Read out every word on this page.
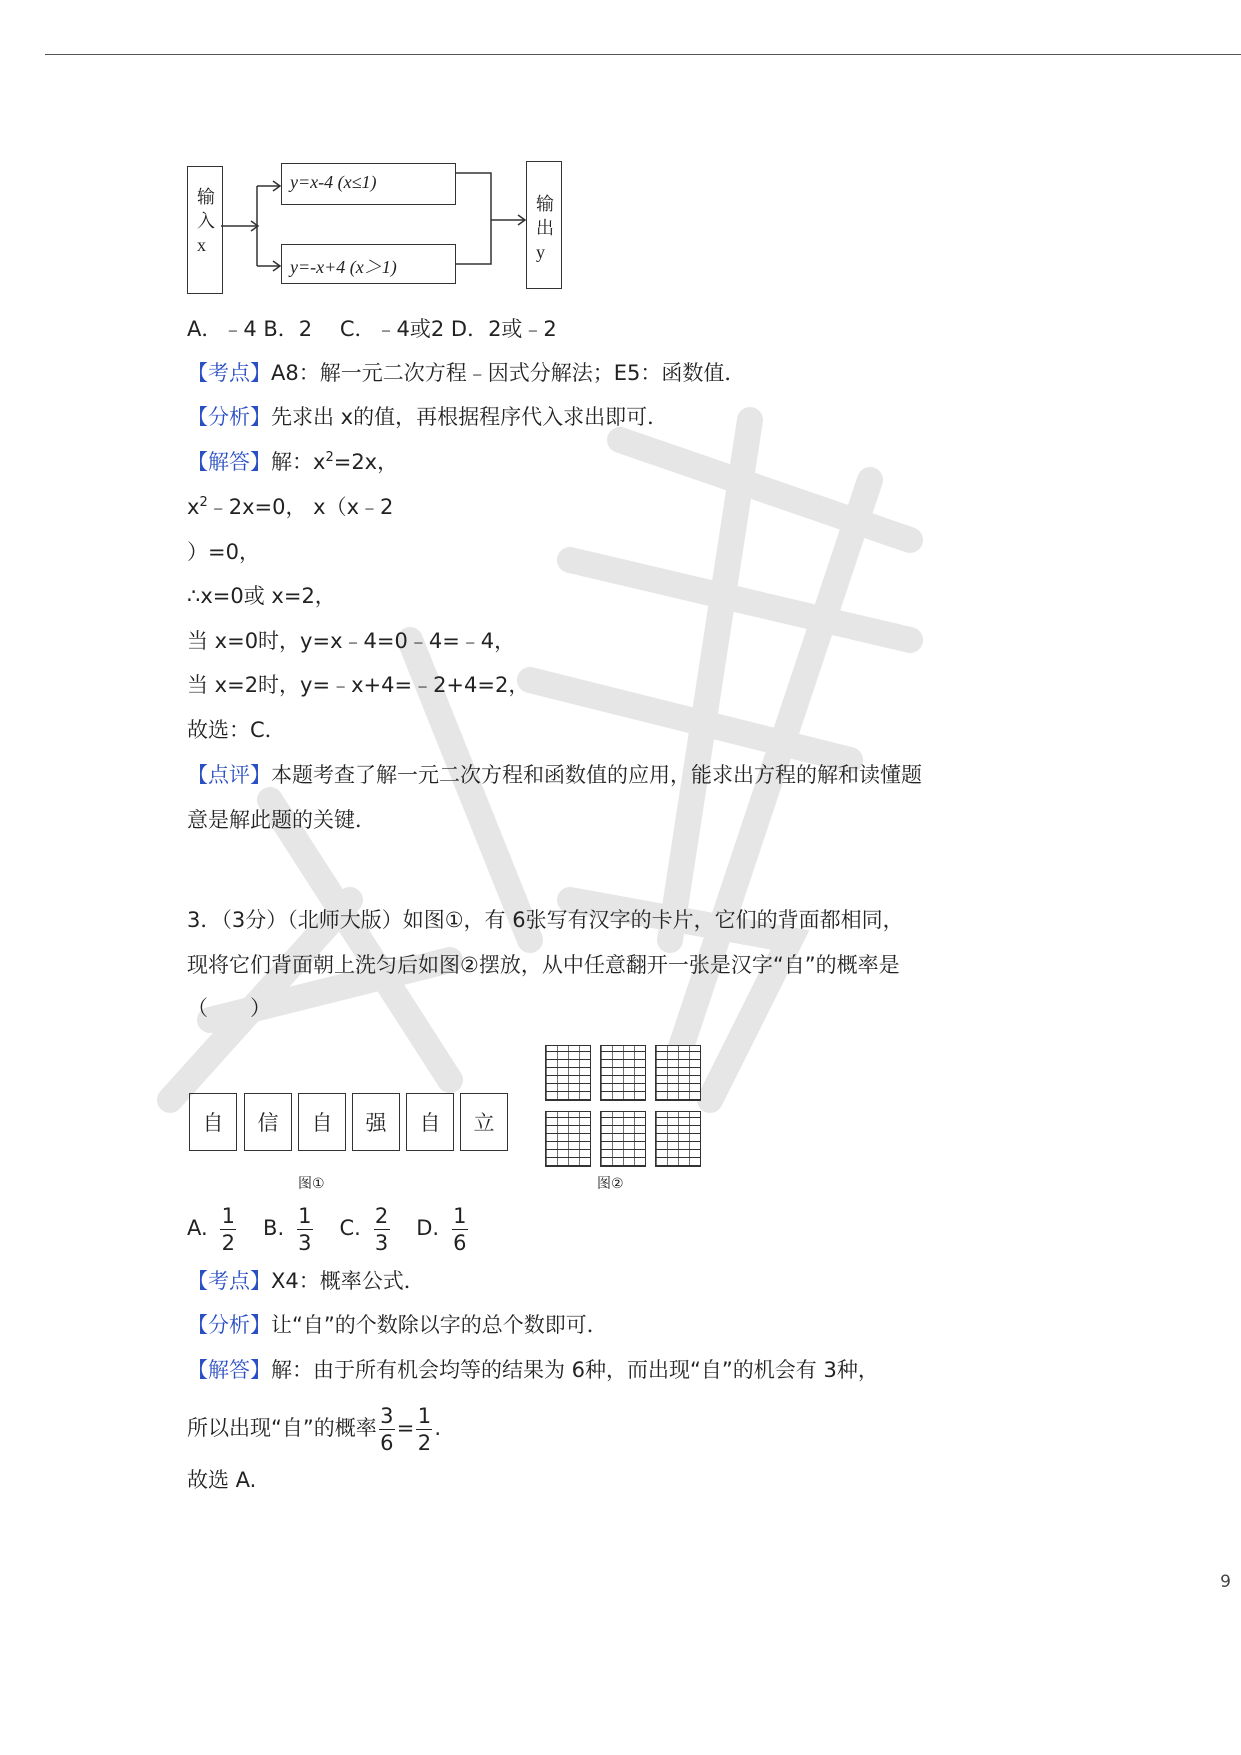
输
入
x
y=x-4 (x≤1)
y=-x+4 (x＞1)
输
出
y
A．﹣4 B．2　 C．﹣4或2 D．2或﹣2
【考点】A8：解一元二次方程﹣因式分解法；E5：函数值．
【分析】先求出 x的值，再根据程序代入求出即可．
【解答】解：$x^2=2x$，
$x^2﹣2x=0$， x（x﹣2
）=0，
∴x=0或 x=2，
当 x=0时，y=x﹣4=0﹣4=﹣4，
当 x=2时，y=﹣x+4=﹣2+4=2，
故选：C．
【点评】本题考查了解一元二次方程和函数值的应用，能求出方程的解和读懂题
意是解此题的关键．
3．（3分）（北师大版）如图①，有 6张写有汉字的卡片，它们的背面都相同，
现将它们背面朝上洗匀后如图②摆放，从中任意翻开一张是汉字“自”的概率是
（　　）
自	信	自	强	自	立
图①	图②
A. $\frac{1}{2} B$. $\frac{1}{3} C$. $\frac{2}{3} D$. $\frac{1}{6}$
【考点】X4：概率公式．
【分析】让“自”的个数除以字的总个数即可．
【解答】解：由于所有机会均等的结果为 6种，而出现“自”的机会有 3种，
所以出现“自”的概率 $\frac{3}{6} = \frac{1}{2}$ .
故选 A.
9
